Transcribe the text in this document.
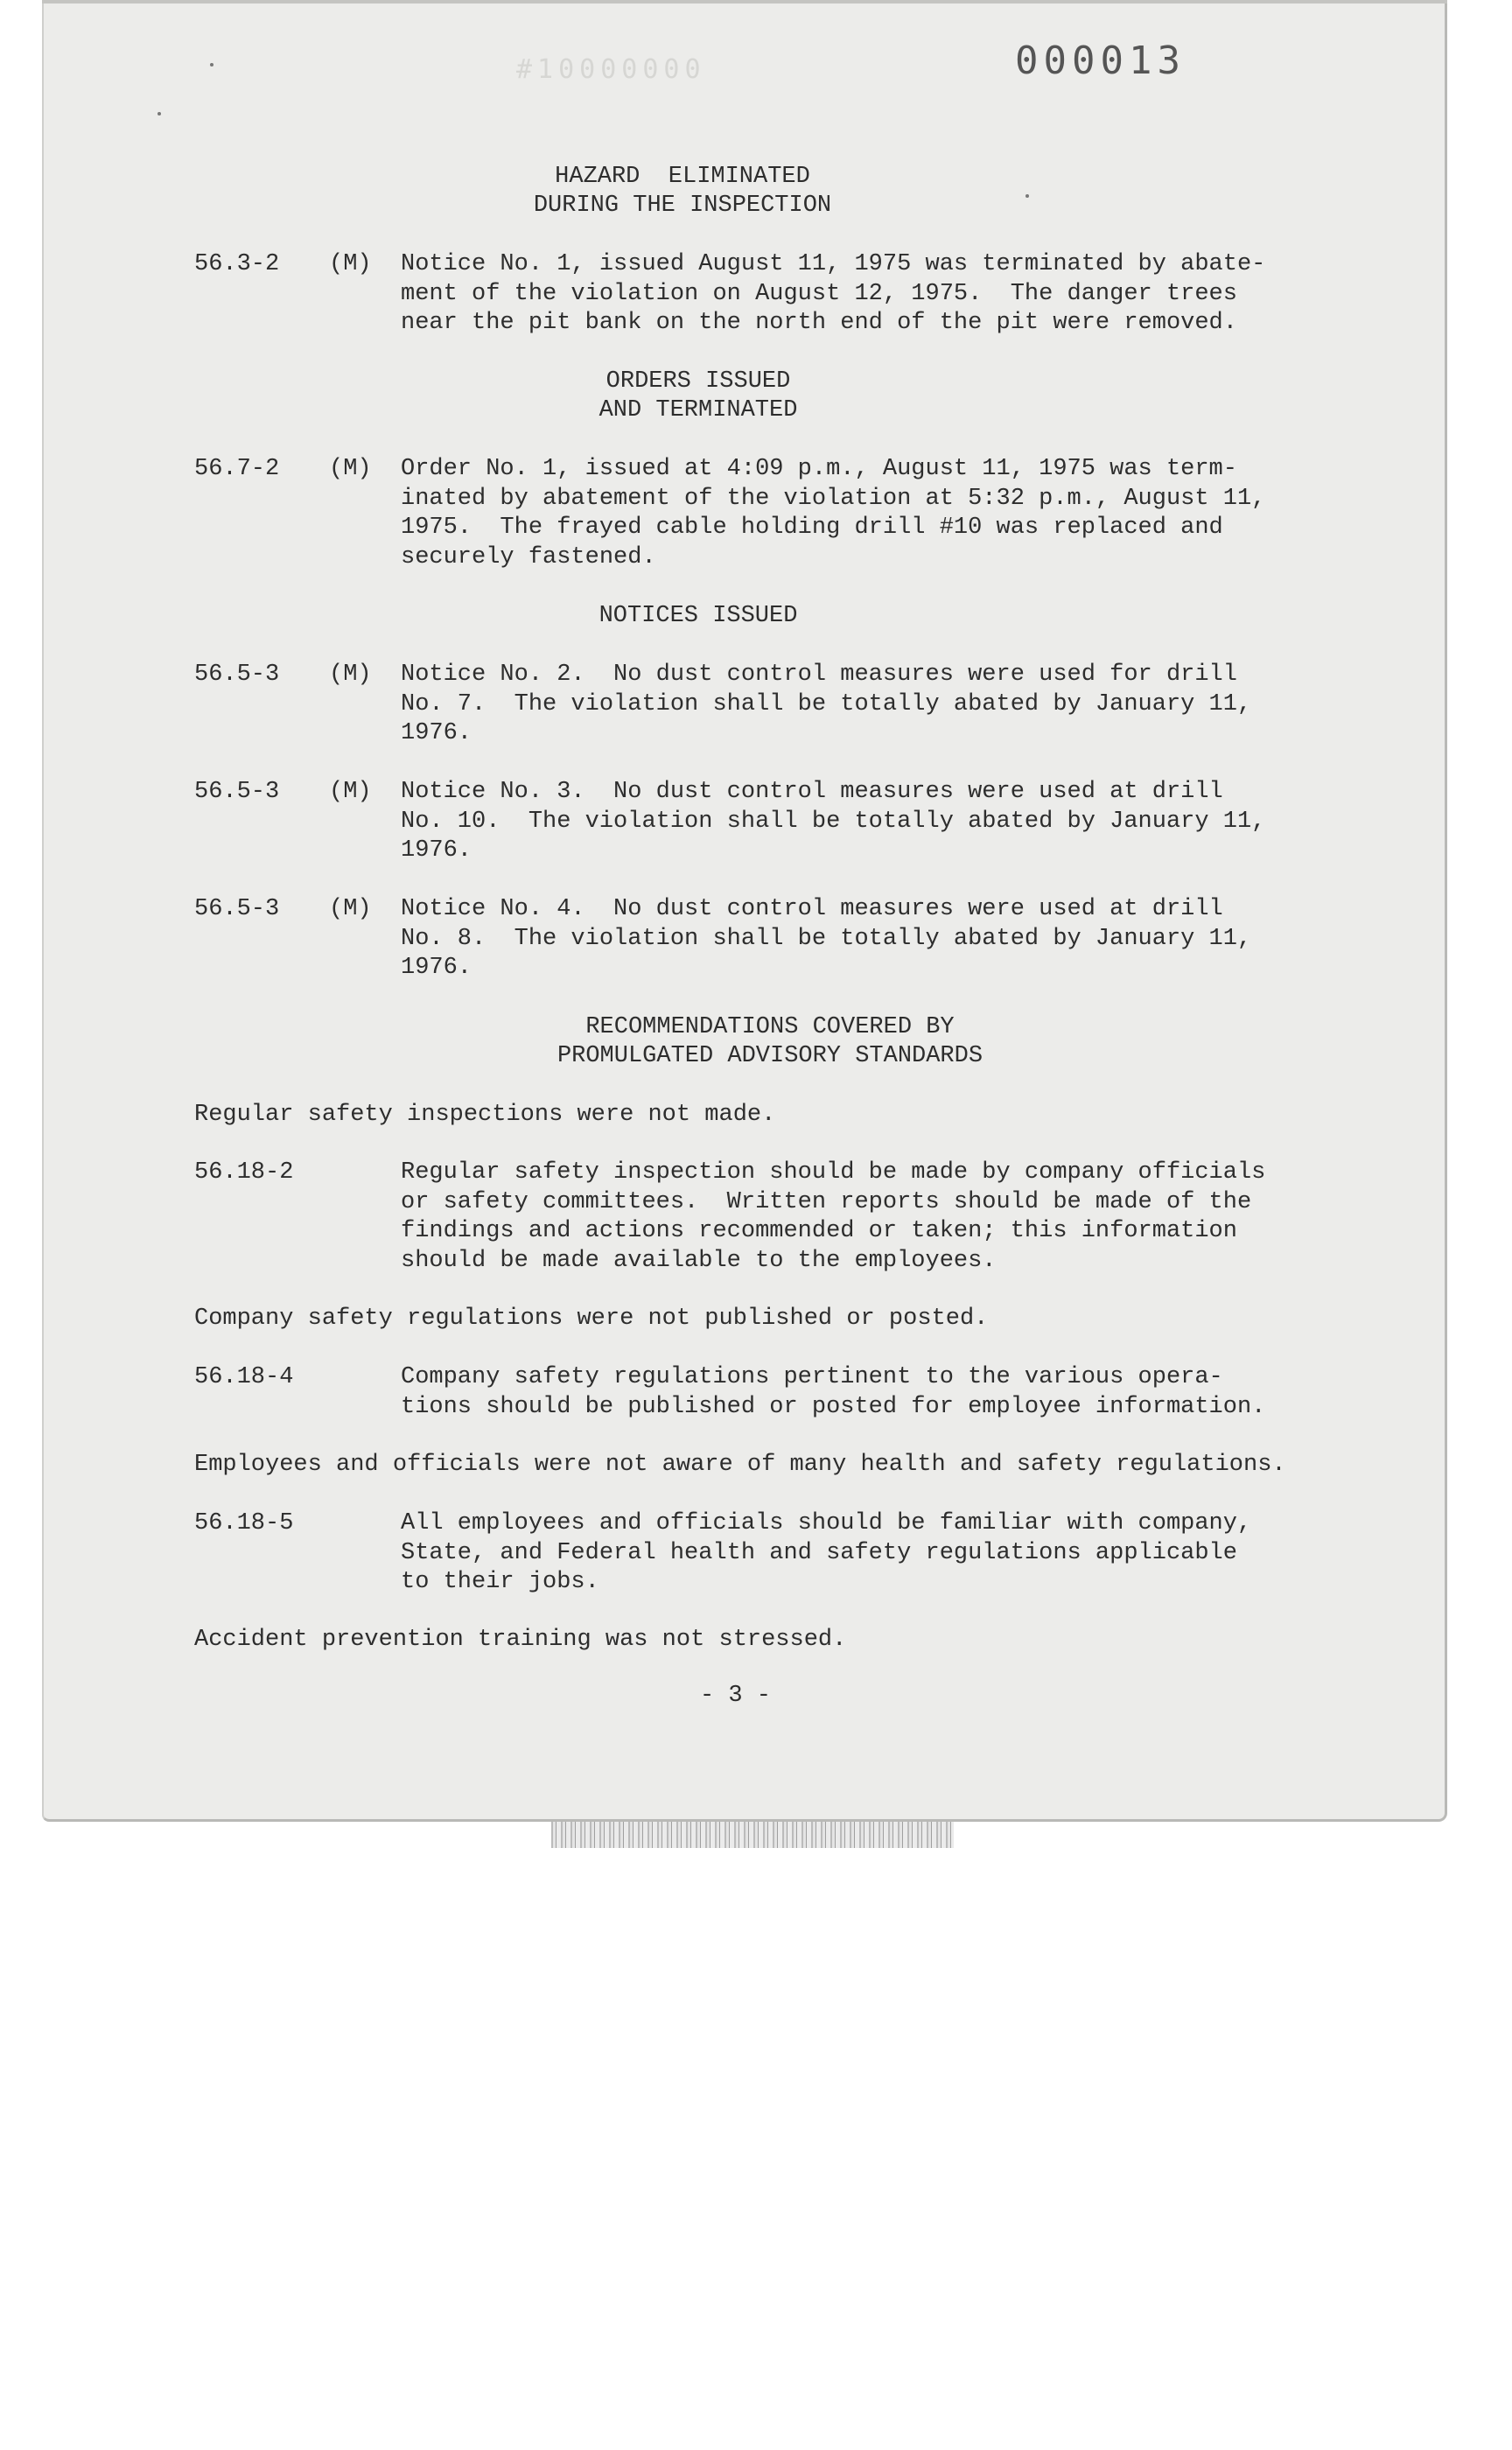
#10000000	000013
HAZARD  ELIMINATED
DURING THE INSPECTION
56.3-2 (M) Notice No. 1, issued August 11, 1975 was terminated by abate-
ment of the violation on August 12, 1975.  The danger trees
near the pit bank on the north end of the pit were removed.
ORDERS ISSUED
AND TERMINATED
56.7-2 (M) Order No. 1, issued at 4:09 p.m., August 11, 1975 was term-
inated by abatement of the violation at 5:32 p.m., August 11,
1975.  The frayed cable holding drill #10 was replaced and
securely fastened.
NOTICES ISSUED
56.5-3 (M) Notice No. 2.  No dust control measures were used for drill
No. 7.  The violation shall be totally abated by January 11,
1976.
56.5-3 (M) Notice No. 3.  No dust control measures were used at drill
No. 10.  The violation shall be totally abated by January 11,
1976.
56.5-3 (M) Notice No. 4.  No dust control measures were used at drill
No. 8.  The violation shall be totally abated by January 11,
1976.
RECOMMENDATIONS COVERED BY
PROMULGATED ADVISORY STANDARDS
Regular safety inspections were not made.
56.18-2	Regular safety inspection should be made by company officials
or safety committees.  Written reports should be made of the
findings and actions recommended or taken; this information
should be made available to the employees.
Company safety regulations were not published or posted.
56.18-4	Company safety regulations pertinent to the various opera-
tions should be published or posted for employee information.
Employees and officials were not aware of many health and safety regulations.
56.18-5	All employees and officials should be familiar with company,
State, and Federal health and safety regulations applicable
to their jobs.
Accident prevention training was not stressed.
- 3 -
